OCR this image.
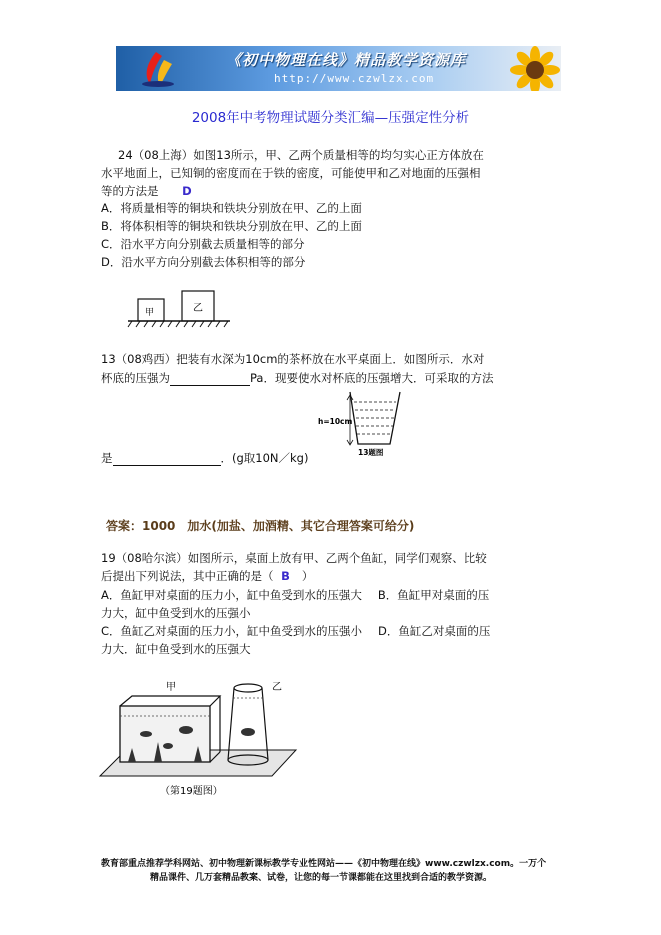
《初中物理在线》精品教学资源库
http://www.czwlzx.com
2008年中考物理试题分类汇编—压强定性分析
24（08上海）如图13所示，甲、乙两个质量相等的均匀实心正方体放在
水平地面上，已知铜的密度而在于铁的密度，可能使甲和乙对地面的压强相
等的方法是 D
A．将质量相等的铜块和铁块分别放在甲、乙的上面
B．将体积相等的铜块和铁块分别放在甲、乙的上面
C．沿水平方向分别截去质量相等的部分
D．沿水平方向分别截去体积相等的部分
甲	乙
13（08鸡西）把装有水深为10cm的茶杯放在水平桌面上．如图所示．水对
杯底的压强为	Pa．现要使水对杯底的压强增大．可采取的方法
是	．(g取10N／kg)
h=10cm
13题图
答案：1000　加水(加盐、加酒精、其它合理答案可给分)
19（08哈尔滨）如图所示，桌面上放有甲、乙两个鱼缸，同学们观察、比较
后提出下列说法，其中正确的是（ B ）
A．鱼缸甲对桌面的压力小，缸中鱼受到水的压强大 B．鱼缸甲对桌面的压
力大，缸中鱼受到水的压强小
C．鱼缸乙对桌面的压力小，缸中鱼受到水的压强小 D．鱼缸乙对桌面的压
力大．缸中鱼受到水的压强大
甲	乙
（第19题图）
教育部重点推荐学科网站、初中物理新课标教学专业性网站——《初中物理在线》www.czwlzx.com。一万个
精品课件、几万套精品教案、试卷，让您的每一节课都能在这里找到合适的教学资源。
